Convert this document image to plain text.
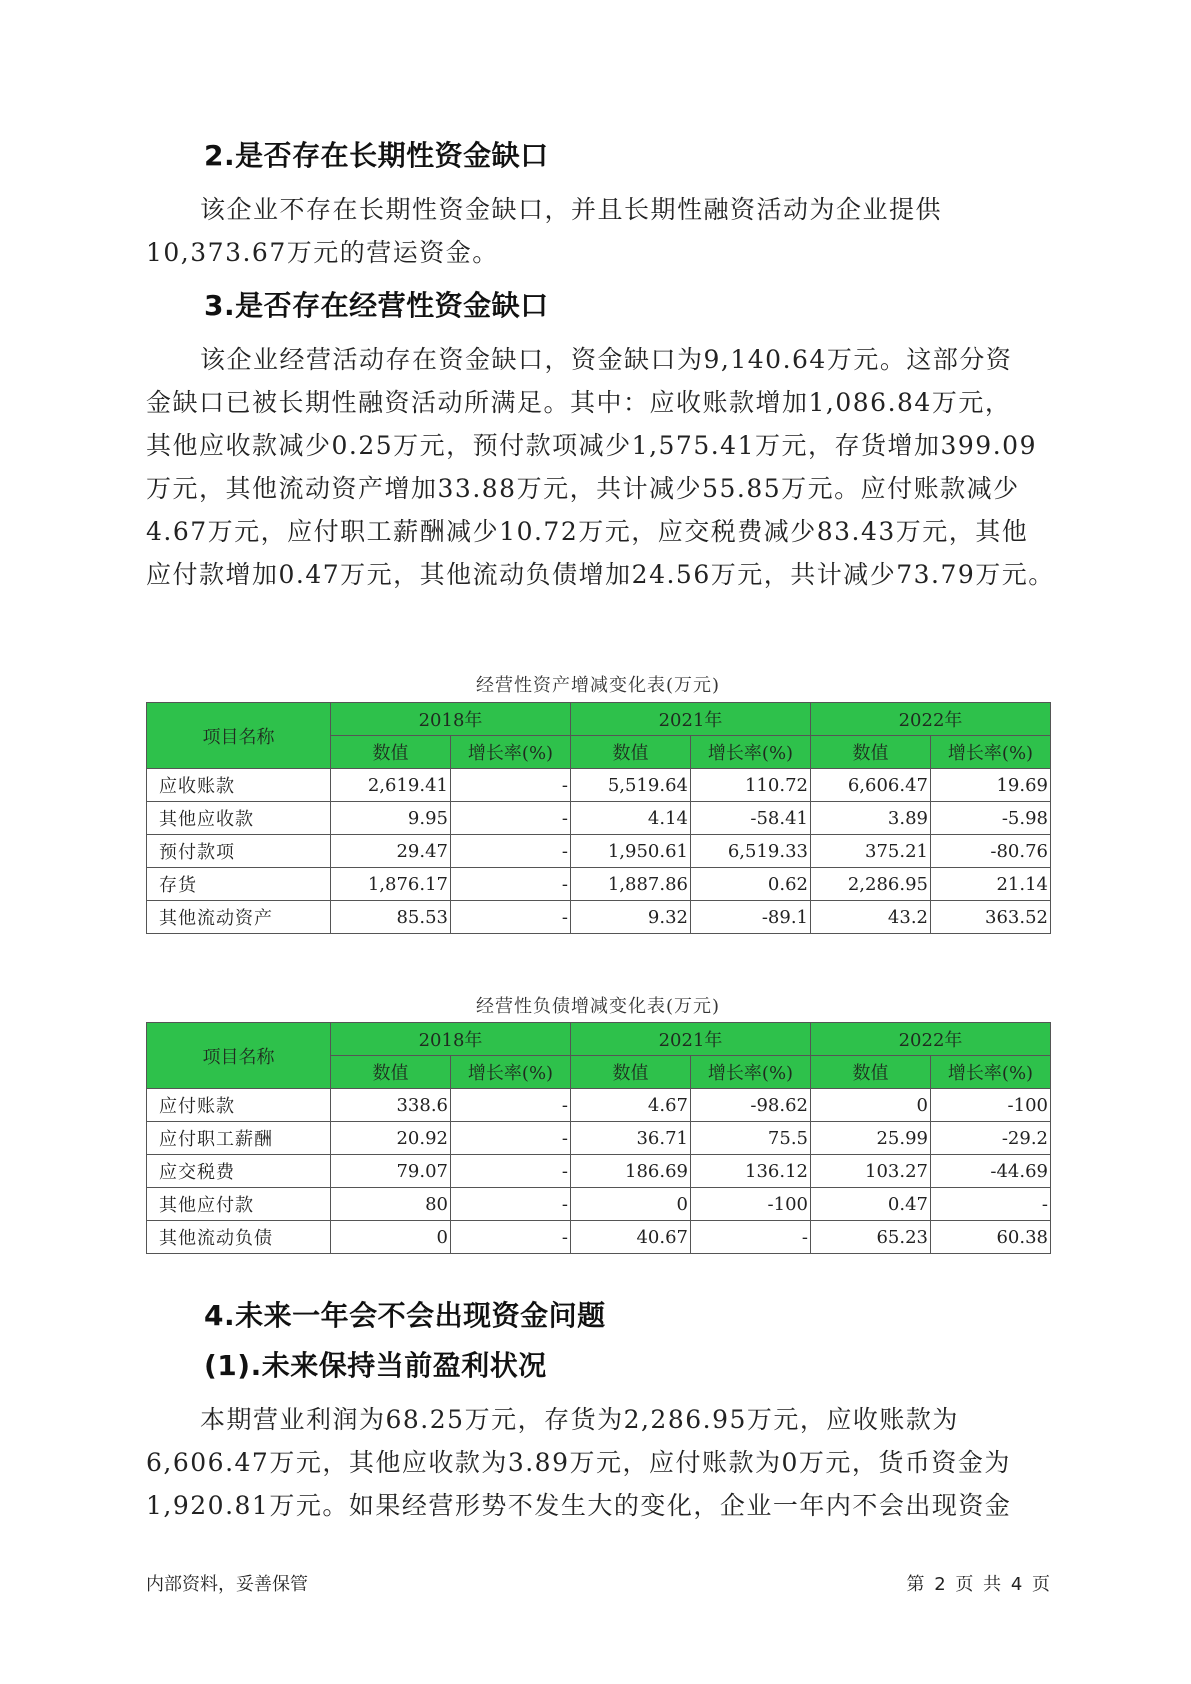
2.是否存在长期性资金缺口
该企业不存在长期性资金缺口，并且长期性融资活动为企业提供
10,373.67万元的营运资金。
3.是否存在经营性资金缺口
该企业经营活动存在资金缺口，资金缺口为9,140.64万元。这部分资
金缺口已被长期性融资活动所满足。其中：应收账款增加1,086.84万元，
其他应收款减少0.25万元，预付款项减少1,575.41万元，存货增加399.09
万元，其他流动资产增加33.88万元，共计减少55.85万元。应付账款减少
4.67万元，应付职工薪酬减少10.72万元，应交税费减少83.43万元，其他
应付款增加0.47万元，其他流动负债增加24.56万元，共计减少73.79万元。
经营性资产增减变化表(万元)
项目名称	2018年		2021年		2022年	
	数值	增长率(%)	数值	增长率(%)	数值	增长率(%)
应收账款	2,619.41	-	5,519.64	110.72	6,606.47	19.69
其他应收款	9.95	-	4.14	-58.41	3.89	-5.98
预付款项	29.47	-	1,950.61	6,519.33	375.21	-80.76
存货	1,876.17	-	1,887.86	0.62	2,286.95	21.14
其他流动资产	85.53	-	9.32	-89.1	43.2	363.52
经营性负债增减变化表(万元)
项目名称	2018年		2021年		2022年	
	数值	增长率(%)	数值	增长率(%)	数值	增长率(%)
应付账款	338.6	-	4.67	-98.62	0	-100
应付职工薪酬	20.92	-	36.71	75.5	25.99	-29.2
应交税费	79.07	-	186.69	136.12	103.27	-44.69
其他应付款	80	-	0	-100	0.47	-
其他流动负债	0	-	40.67	-	65.23	60.38
4.未来一年会不会出现资金问题
(1).未来保持当前盈利状况
本期营业利润为68.25万元，存货为2,286.95万元，应收账款为
6,606.47万元，其他应收款为3.89万元，应付账款为0万元，货币资金为
1,920.81万元。如果经营形势不发生大的变化，企业一年内不会出现资金
内部资料，妥善保管	第 2 页 共 4 页
